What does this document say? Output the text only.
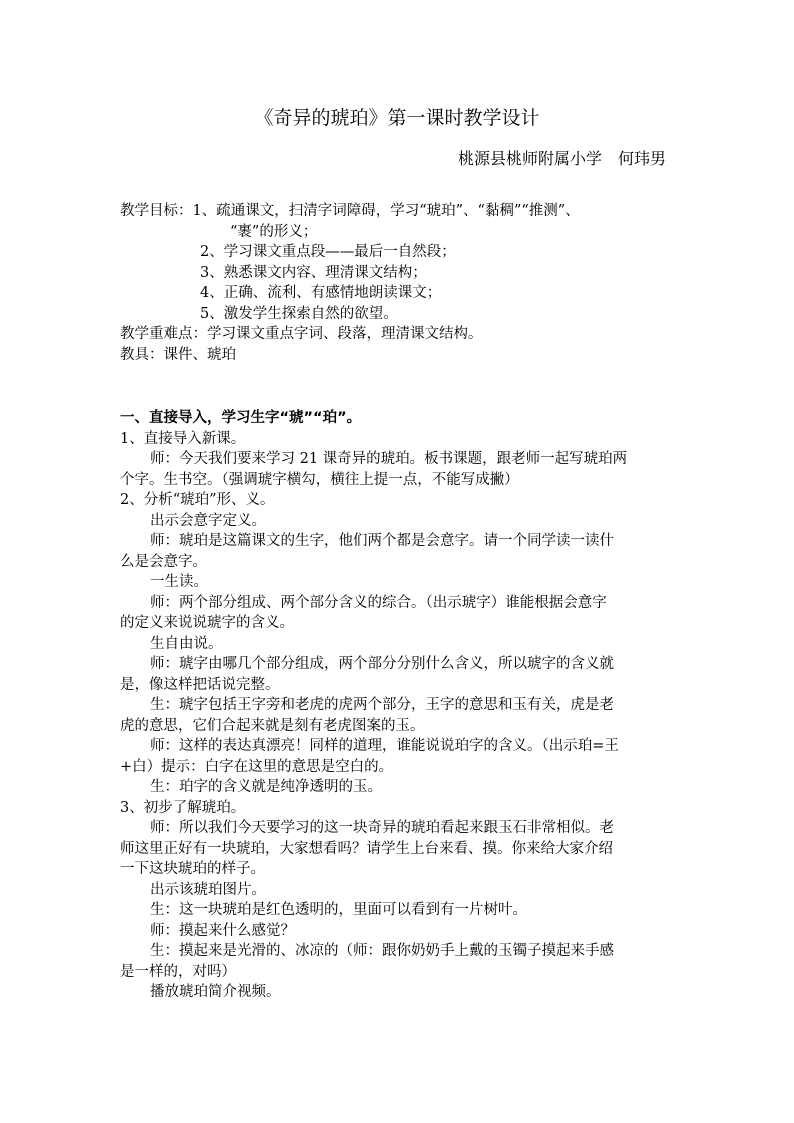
《奇异的琥珀》第一课时教学设计
桃源县桃师附属小学　何玮男
教学目标：1、疏通课文，扫清字词障碍，学习“琥珀”、“黏稠”“推测”、
“裹”的形义；
2、学习课文重点段——最后一自然段；
3、熟悉课文内容、理清课文结构；
4、正确、流利、有感情地朗读课文；
5、激发学生探索自然的欲望。
教学重难点：学习课文重点字词、段落，理清课文结构。
教具：课件、琥珀
一、直接导入，学习生字“琥”“珀”。
1、直接导入新课。
师：今天我们要来学习 21 课奇异的琥珀。板书课题，跟老师一起写琥珀两
个字。生书空。（强调琥字横勾，横往上提一点，不能写成撇）
2、分析“琥珀”形、义。
出示会意字定义。
师：琥珀是这篇课文的生字，他们两个都是会意字。请一个同学读一读什
么是会意字。
一生读。
师：两个部分组成、两个部分含义的综合。（出示琥字）谁能根据会意字
的定义来说说琥字的含义。
生自由说。
师：琥字由哪几个部分组成，两个部分分别什么含义，所以琥字的含义就
是，像这样把话说完整。
生：琥字包括王字旁和老虎的虎两个部分，王字的意思和玉有关，虎是老
虎的意思，它们合起来就是刻有老虎图案的玉。
师：这样的表达真漂亮！同样的道理，谁能说说珀字的含义。（出示珀=王
+白）提示：白字在这里的意思是空白的。
生：珀字的含义就是纯净透明的玉。
3、初步了解琥珀。
师：所以我们今天要学习的这一块奇异的琥珀看起来跟玉石非常相似。老
师这里正好有一块琥珀，大家想看吗？请学生上台来看、摸。你来给大家介绍
一下这块琥珀的样子。
出示该琥珀图片。
生：这一块琥珀是红色透明的，里面可以看到有一片树叶。
师：摸起来什么感觉？
生：摸起来是光滑的、冰凉的（师：跟你奶奶手上戴的玉镯子摸起来手感
是一样的，对吗）
播放琥珀简介视频。
